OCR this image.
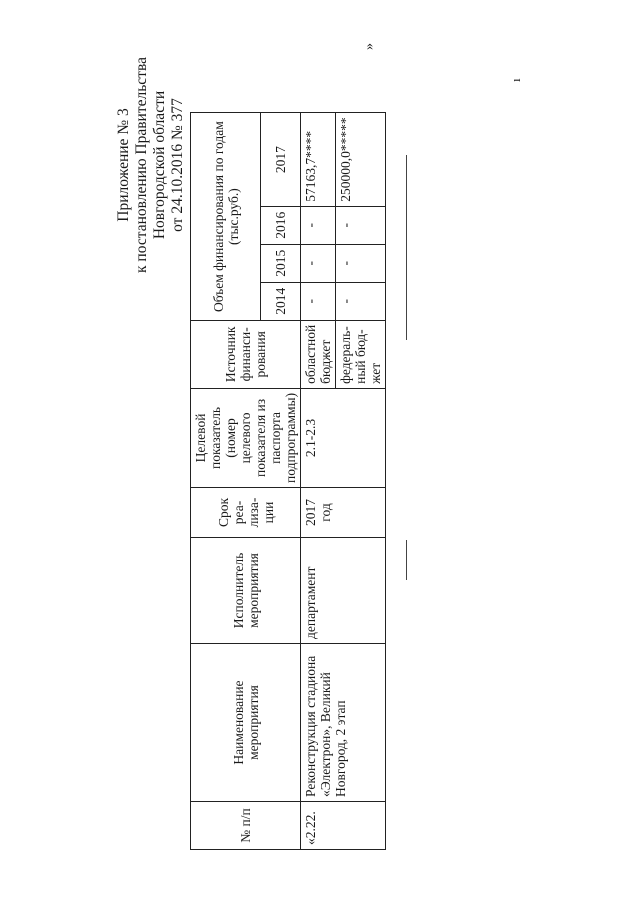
Приложение № 3 к постановлению Правительства Новгородской области от 24.10.2016 № 377
ı
»
№ п/п	Наименование мероприятия	Исполнитель мероприятия	Срок реа-лиза-ции	Целевой показатель (номер целевого показателя из паспорта подпрограммы)	Источник финанси-рования	Объем финансирования по годам (тыс.руб.)			
						2014	2015	2016	2017
«2.22.	Реконструкция стадиона «Электрон», Великий Новгород, 2 этап	департамент	2017 год	2.1-2.3	областной бюджет	-	-	-	57163,7****
					федераль-ный бюд-жет	-	-	-	250000,0*****
